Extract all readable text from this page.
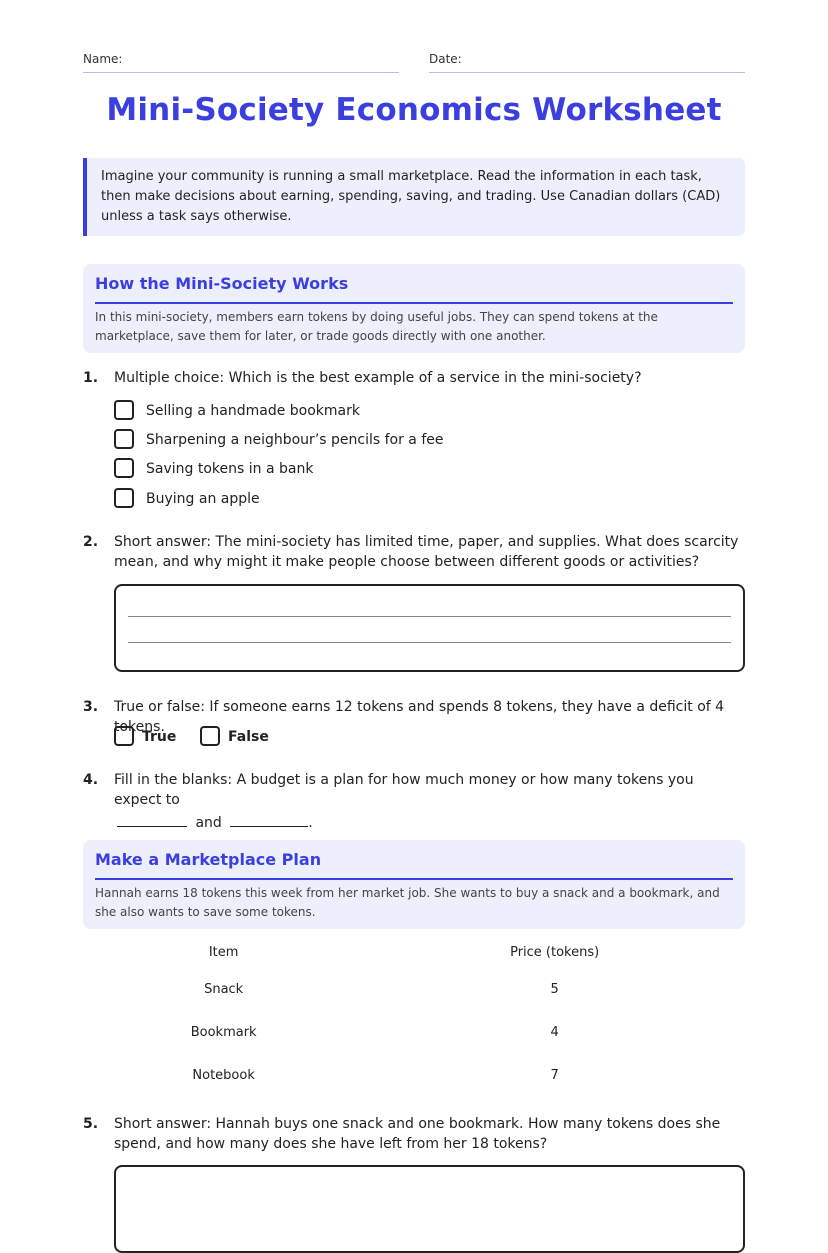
Name:	Date:
Mini-Society Economics Worksheet
Imagine your community is running a small marketplace. Read the information in each task, then make decisions about earning, spending, saving, and trading. Use Canadian dollars (CAD) unless a task says otherwise.
How the Mini-Society Works
In this mini-society, members earn tokens by doing useful jobs. They can spend tokens at the marketplace, save them for later, or trade goods directly with one another.
1. Multiple choice: Which is the best example of a service in the mini-society?
Selling a handmade bookmark
Sharpening a neighbour’s pencils for a fee
Saving tokens in a bank
Buying an apple
2. Short answer: The mini-society has limited time, paper, and supplies. What does scarcity mean, and why might it make people choose between different goods or activities?
3. True or false: If someone earns 12 tokens and spends 8 tokens, they have a deficit of 4 tokens.
True	False
4. Fill in the blanks: A budget is a plan for how much money or how many tokens you expect to
and	.
Make a Marketplace Plan
Hannah earns 18 tokens this week from her market job. She wants to buy a snack and a bookmark, and she also wants to save some tokens.
Item	Price (tokens)
Snack	5
Bookmark	4
Notebook	7
5. Short answer: Hannah buys one snack and one bookmark. How many tokens does she spend, and how many does she have left from her 18 tokens?
